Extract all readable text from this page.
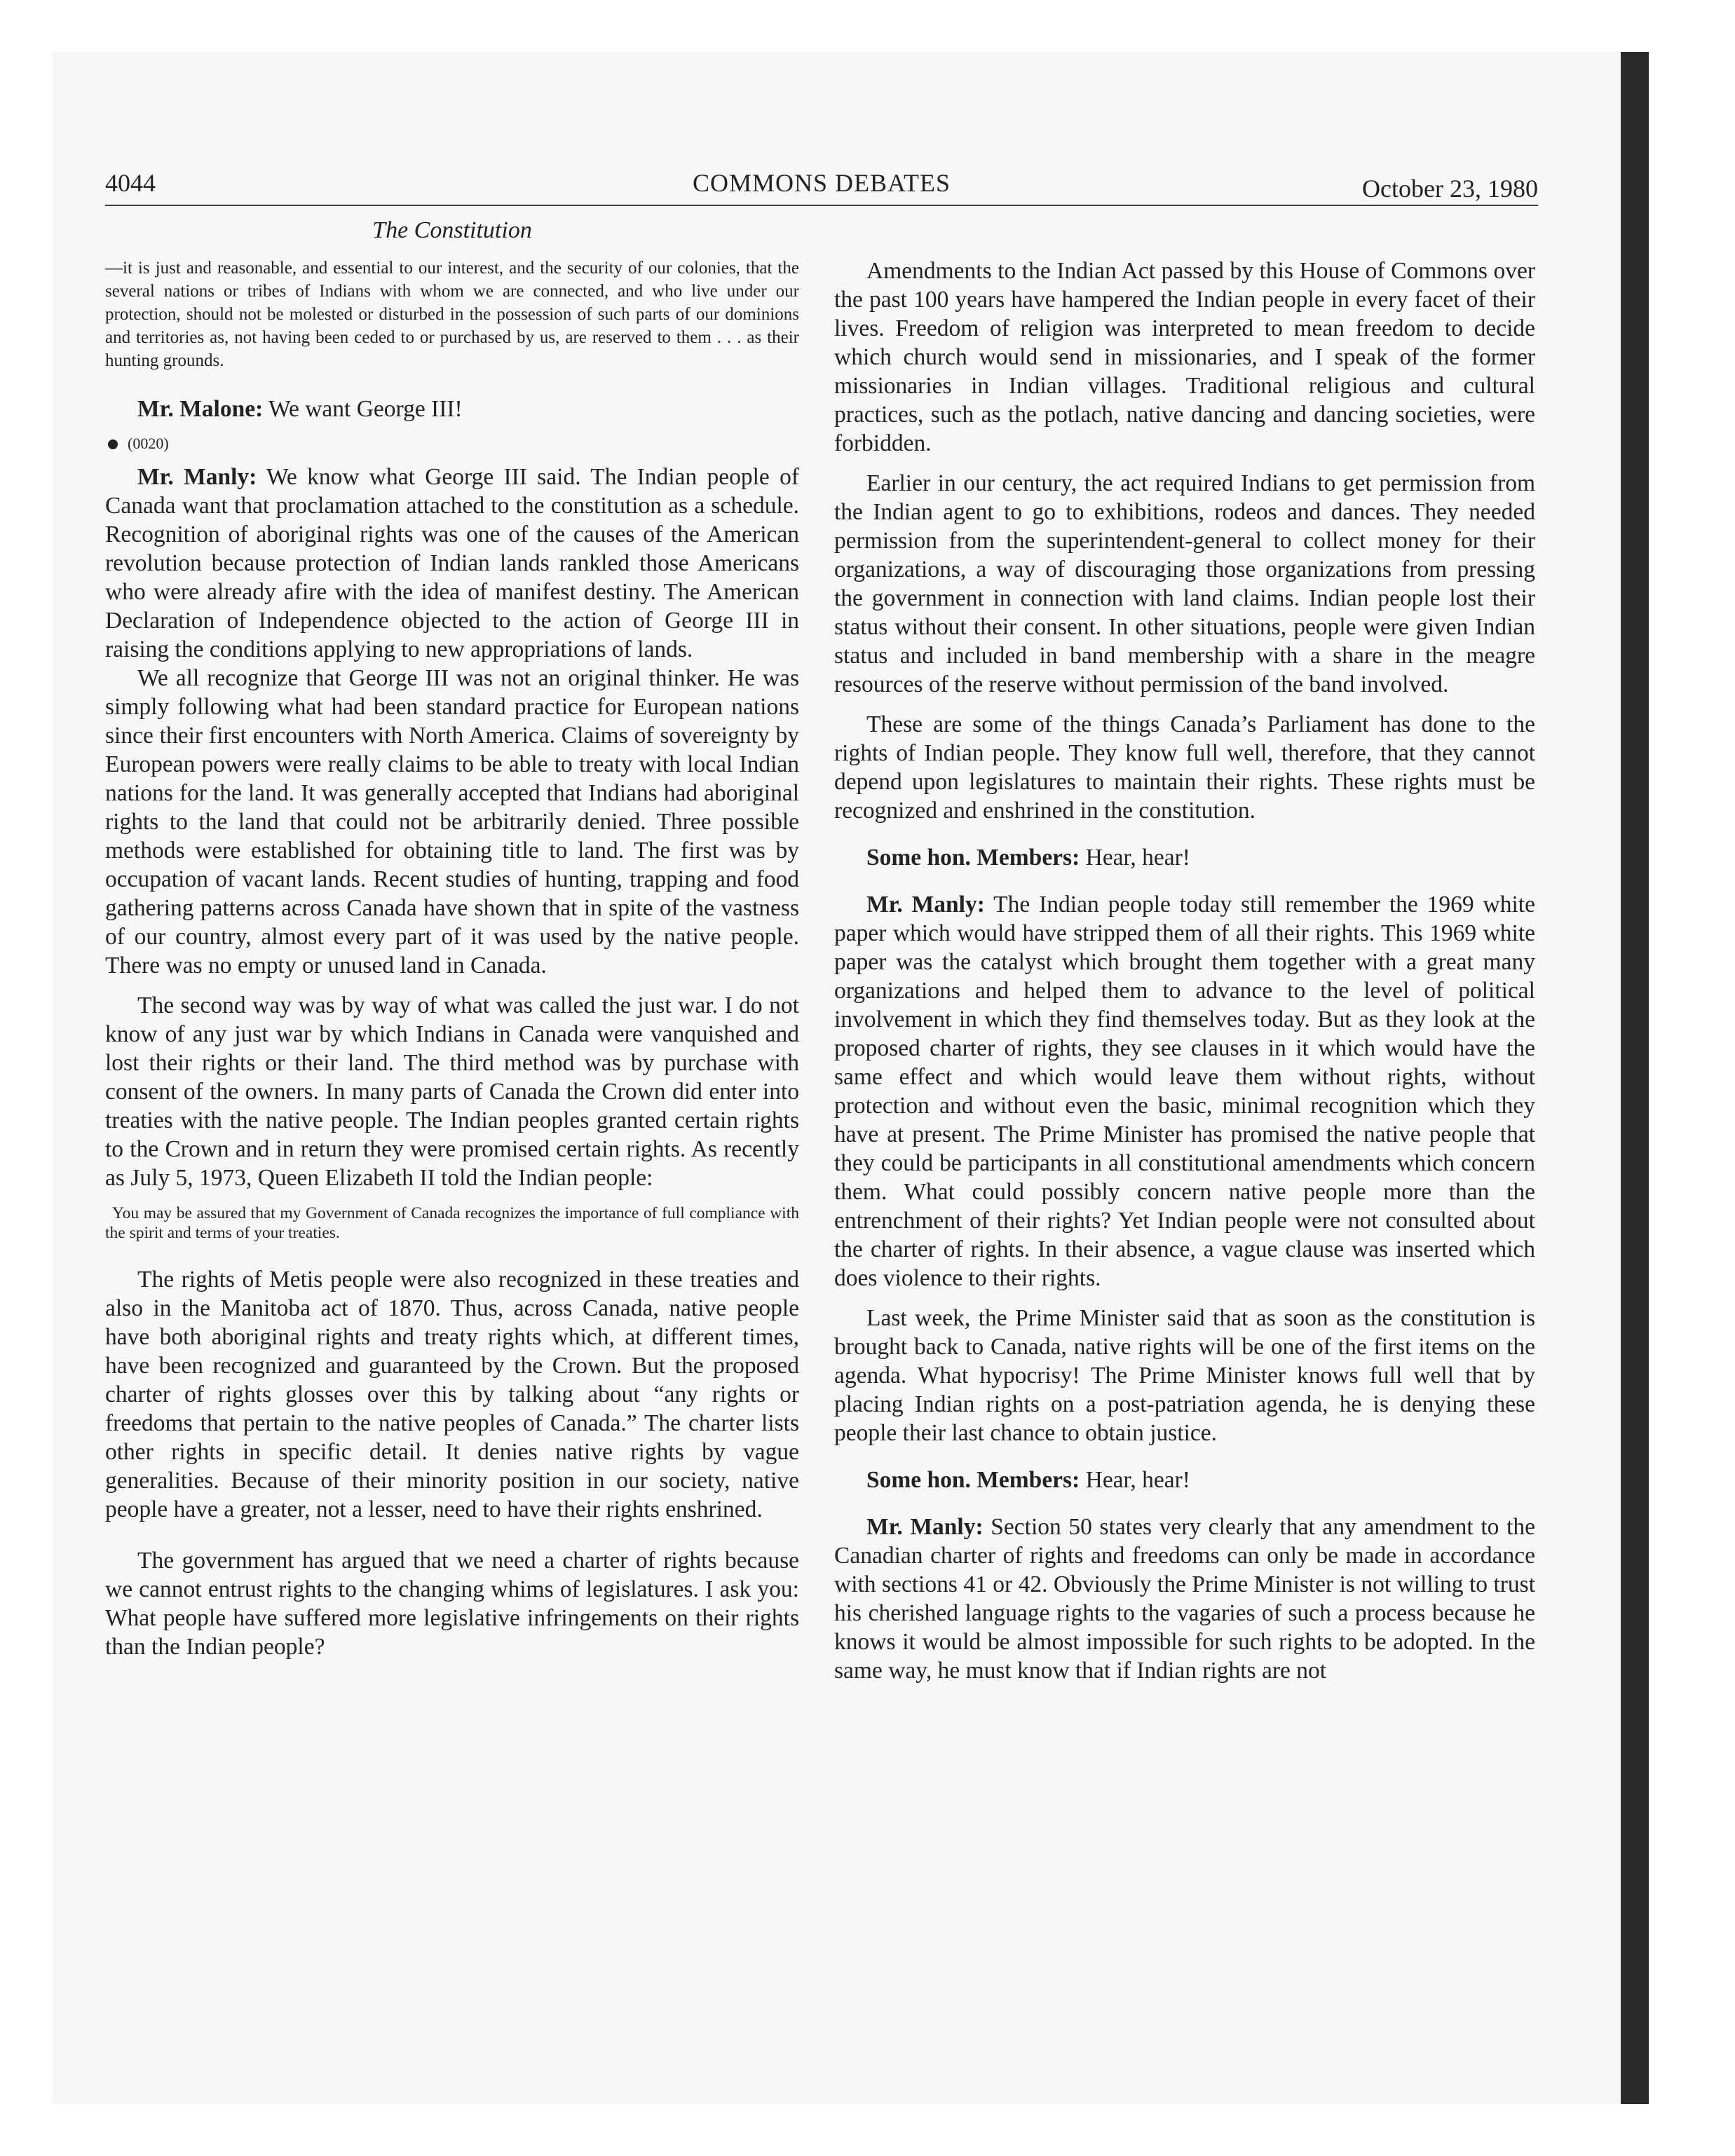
4044	COMMONS DEBATES	October 23, 1980
The Constitution

—it is just and reasonable, and essential to our interest, and the security of our colonies, that the several nations or tribes of Indians with whom we are connected, and who live under our protection, should not be molested or disturbed in the possession of such parts of our dominions and territories as, not having been ceded to or purchased by us, are reserved to them . . . as their hunting grounds.

Mr. Malone: We want George III!

(0020)

Mr. Manly: We know what George III said. The Indian people of Canada want that proclamation attached to the constitution as a schedule. Recognition of aboriginal rights was one of the causes of the American revolution because protection of Indian lands rankled those Americans who were already afire with the idea of manifest destiny. The American Declaration of Independence objected to the action of George III in raising the conditions applying to new appropriations of lands.

We all recognize that George III was not an original thinker. He was simply following what had been standard practice for European nations since their first encounters with North America. Claims of sovereignty by European powers were really claims to be able to treaty with local Indian nations for the land. It was generally accepted that Indians had aboriginal rights to the land that could not be arbitrarily denied. Three possible methods were established for obtaining title to land. The first was by occupation of vacant lands. Recent studies of hunting, trapping and food gathering patterns across Canada have shown that in spite of the vastness of our country, almost every part of it was used by the native people. There was no empty or unused land in Canada.

The second way was by way of what was called the just war. I do not know of any just war by which Indians in Canada were vanquished and lost their rights or their land. The third method was by purchase with consent of the owners. In many parts of Canada the Crown did enter into treaties with the native people. The Indian peoples granted certain rights to the Crown and in return they were promised certain rights. As recently as July 5, 1973, Queen Elizabeth II told the Indian people:

You may be assured that my Government of Canada recognizes the importance of full compliance with the spirit and terms of your treaties.

The rights of Metis people were also recognized in these treaties and also in the Manitoba act of 1870. Thus, across Canada, native people have both aboriginal rights and treaty rights which, at different times, have been recognized and guaranteed by the Crown. But the proposed charter of rights glosses over this by talking about “any rights or freedoms that pertain to the native peoples of Canada.” The charter lists other rights in specific detail. It denies native rights by vague generalities. Because of their minority position in our society, native people have a greater, not a lesser, need to have their rights enshrined.

The government has argued that we need a charter of rights because we cannot entrust rights to the changing whims of legislatures. I ask you: What people have suffered more legislative infringements on their rights than the Indian people?

Amendments to the Indian Act passed by this House of Commons over the past 100 years have hampered the Indian people in every facet of their lives. Freedom of religion was interpreted to mean freedom to decide which church would send in missionaries, and I speak of the former missionaries in Indian villages. Traditional religious and cultural practices, such as the potlach, native dancing and dancing societies, were forbidden.

Earlier in our century, the act required Indians to get permission from the Indian agent to go to exhibitions, rodeos and dances. They needed permission from the superintendent-general to collect money for their organizations, a way of discouraging those organizations from pressing the government in connection with land claims. Indian people lost their status without their consent. In other situations, people were given Indian status and included in band membership with a share in the meagre resources of the reserve without permission of the band involved.

These are some of the things Canada’s Parliament has done to the rights of Indian people. They know full well, therefore, that they cannot depend upon legislatures to maintain their rights. These rights must be recognized and enshrined in the constitution.

Some hon. Members: Hear, hear!

Mr. Manly: The Indian people today still remember the 1969 white paper which would have stripped them of all their rights. This 1969 white paper was the catalyst which brought them together with a great many organizations and helped them to advance to the level of political involvement in which they find themselves today. But as they look at the proposed charter of rights, they see clauses in it which would have the same effect and which would leave them without rights, without protection and without even the basic, minimal recognition which they have at present. The Prime Minister has promised the native people that they could be participants in all constitutional amendments which concern them. What could possibly concern native people more than the entrenchment of their rights? Yet Indian people were not consulted about the charter of rights. In their absence, a vague clause was inserted which does violence to their rights.

Last week, the Prime Minister said that as soon as the constitution is brought back to Canada, native rights will be one of the first items on the agenda. What hypocrisy! The Prime Minister knows full well that by placing Indian rights on a post-patriation agenda, he is denying these people their last chance to obtain justice.

Some hon. Members: Hear, hear!

Mr. Manly: Section 50 states very clearly that any amendment to the Canadian charter of rights and freedoms can only be made in accordance with sections 41 or 42. Obviously the Prime Minister is not willing to trust his cherished language rights to the vagaries of such a process because he knows it would be almost impossible for such rights to be adopted. In the same way, he must know that if Indian rights are not
